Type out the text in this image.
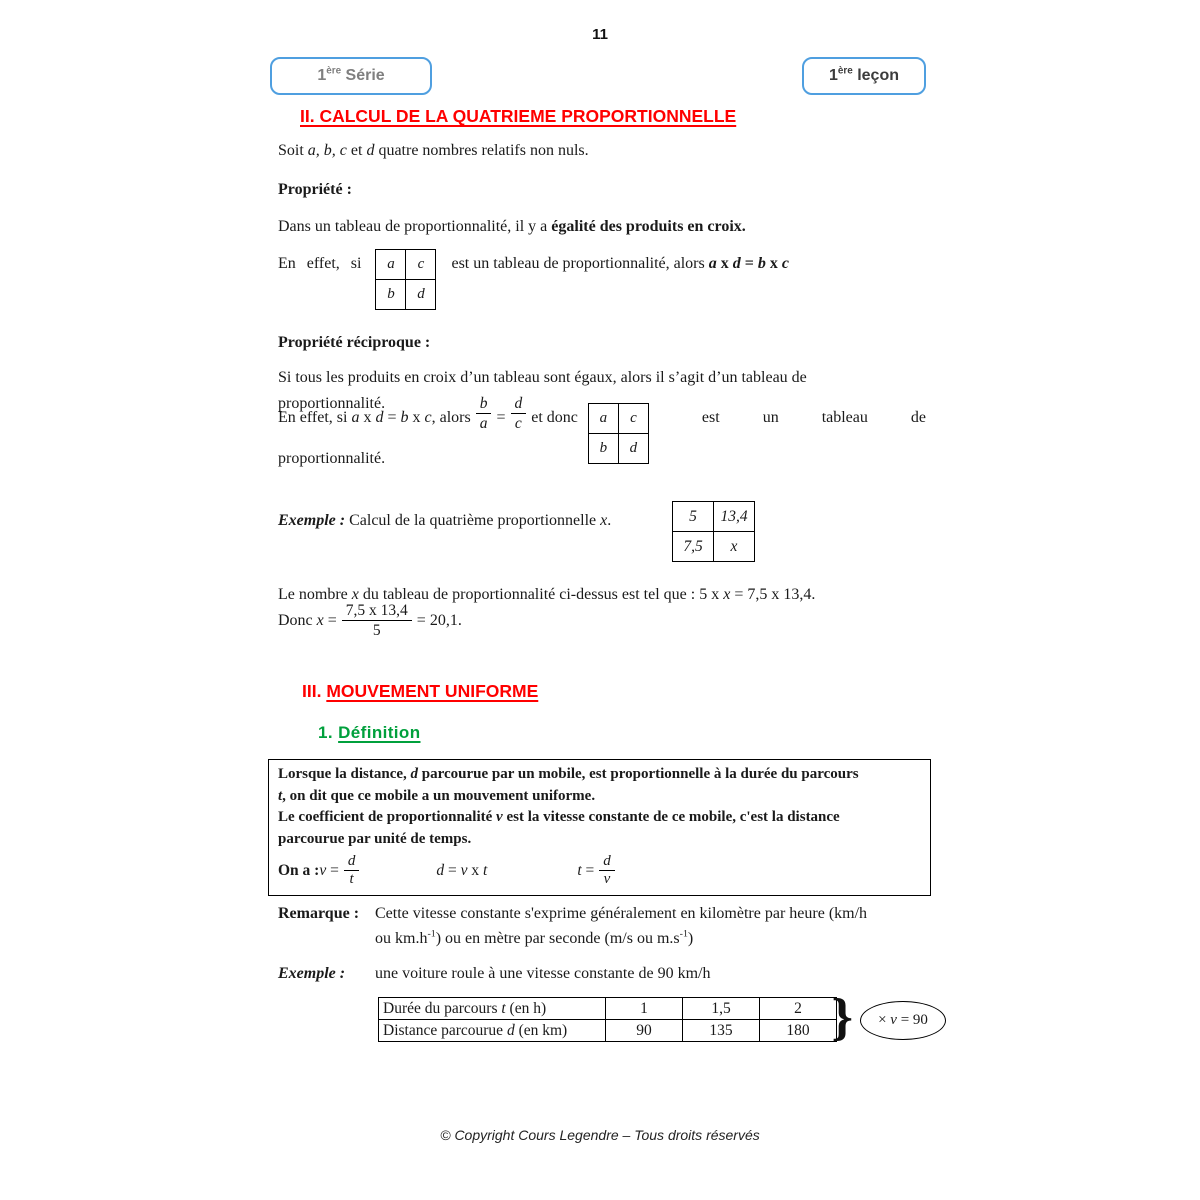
11
1ère Série	1ère leçon
II. CALCUL DE LA QUATRIEME PROPORTIONNELLE
Soit a, b, c et d quatre nombres relatifs non nuls.
Propriété :
Dans un tableau de proportionnalité, il y a égalité des produits en croix.
En effet, si a	c
b	d
est un tableau de proportionnalité, alors a x d = b x c
Propriété réciproque :
Si tous les produits en croix d’un tableau sont égaux, alors il s’agit d’un tableau de
proportionnalité.
En effet, si a x d = b x c, alors $\frac{b}{a} = \frac{d}{c}$ et donc a	c
b	d
est	un	tableau	de
proportionnalité.
Exemple : Calcul de la quatrième proportionnelle x.	5	13,4
7,5	x
Le nombre x du tableau de proportionnalité ci-dessus est tel que : 5 x x = 7,5 x 13,4.
Donc $x = \frac{7,5 x 13,4}{5} = 20,1$.
III. MOUVEMENT UNIFORME
1. Définition
Lorsque la distance, d parcourue par un mobile, est proportionnelle à la durée du parcours
t, on dit que ce mobile a un mouvement uniforme.
Le coefficient de proportionnalité v est la vitesse constante de ce mobile, c'est la distance
parcourue par unité de temps.
On a : $v = \frac{d}{t}$	d = v x t	$t = \frac{d}{v}$
Remarque : Cette vitesse constante s'exprime généralement en kilomètre par heure (km/h
ou $km.h^{-1}$) ou en mètre par seconde (m/s ou $m.s^{-1}$)
Exemple :	une voiture roule à une vitesse constante de 90 km/h
Durée du parcours t (en h)	1	1,5	2
Distance parcourue d (en km)	90	135	180 } × v = 90
© Copyright Cours Legendre – Tous droits réservés
